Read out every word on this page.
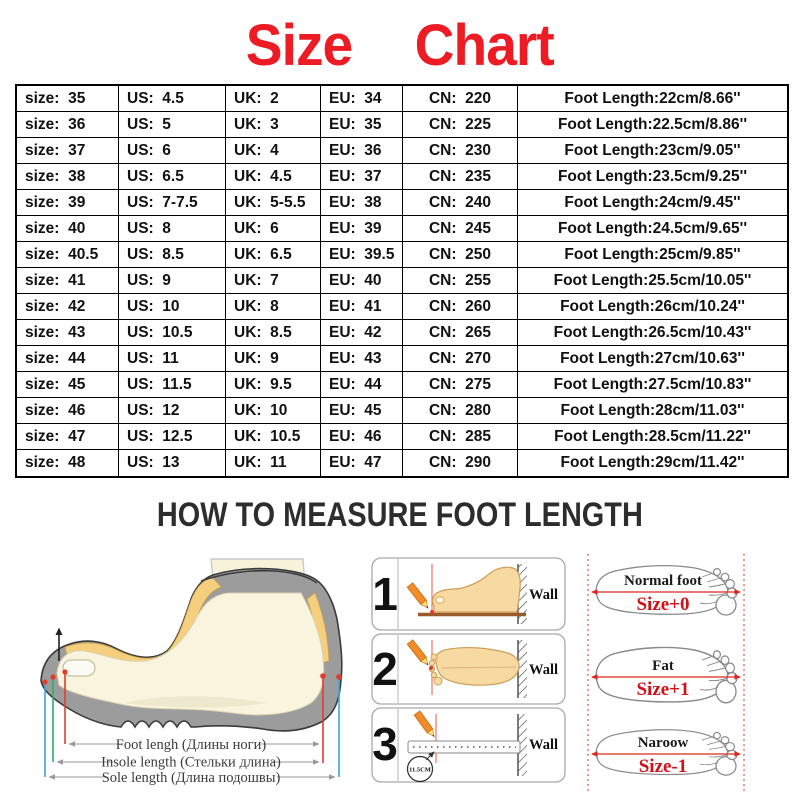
Size Chart
size:  35	US:  4.5	UK:  2	EU:  34	CN:  220	Foot Length:22cm/8.66''
size:  36	US:  5	UK:  3	EU:  35	CN:  225	Foot Length:22.5cm/8.86''
size:  37	US:  6	UK:  4	EU:  36	CN:  230	Foot Length:23cm/9.05''
size:  38	US:  6.5	UK:  4.5	EU:  37	CN:  235	Foot Length:23.5cm/9.25''
size:  39	US:  7-7.5	UK:  5-5.5	EU:  38	CN:  240	Foot Length:24cm/9.45''
size:  40	US:  8	UK:  6	EU:  39	CN:  245	Foot Length:24.5cm/9.65''
size:  40.5	US:  8.5	UK:  6.5	EU:  39.5	CN:  250	Foot Length:25cm/9.85''
size:  41	US:  9	UK:  7	EU:  40	CN:  255	Foot Length:25.5cm/10.05''
size:  42	US:  10	UK:  8	EU:  41	CN:  260	Foot Length:26cm/10.24''
size:  43	US:  10.5	UK:  8.5	EU:  42	CN:  265	Foot Length:26.5cm/10.43''
size:  44	US:  11	UK:  9	EU:  43	CN:  270	Foot Length:27cm/10.63''
size:  45	US:  11.5	UK:  9.5	EU:  44	CN:  275	Foot Length:27.5cm/10.83''
size:  46	US:  12	UK:  10	EU:  45	CN:  280	Foot Length:28cm/11.03''
size:  47	US:  12.5	UK:  10.5	EU:  46	CN:  285	Foot Length:28.5cm/11.22''
size:  48	US:  13	UK:  11	EU:  47	CN:  290	Foot Length:29cm/11.42''
HOW TO MEASURE FOOT LENGTH
Foot lengh (Длины ноги)
Insole length (Стельки длина)
Sole length (Длина подошвы)
1
2
3
Wall
Wall
Wall
11.5CM
Normal foot
Size+0
Fat
Size+1
Naroow
Size-1
